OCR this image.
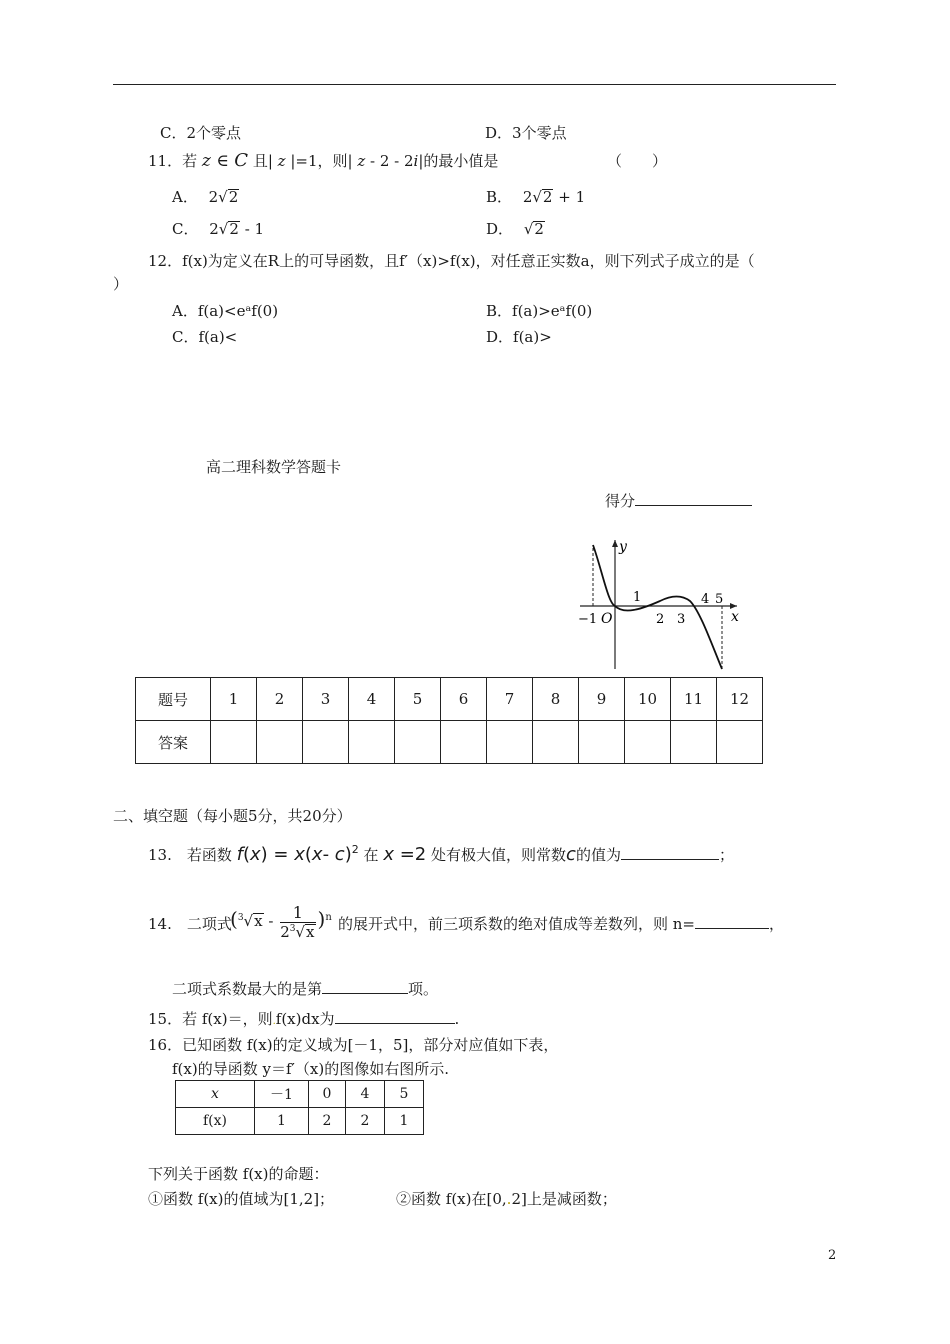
C．2个零点	D．3个零点
11．若 z ∈ C 且| z |=1，则| z - 2 - 2i|的最小值是	（　　）
A． 2√2	B． 2√2 + 1
C． 2√2 - 1	D． √2
12．f(x)为定义在R上的可导函数，且f′（x)>f(x)，对任意正实数a，则下列式子成立的是（
）
A．f(a)<eᵃf(0)	B．f(a)>eᵃf(0)
C．f(a)<	D．f(a)>
高二理科数学答题卡
得分
y
x
O
−1
1
2 3
4 5
题号	1	2	3	4	5	6	7	8	9	10	11	12
答案												
二、填空题（每小题5分，共20分）
13.　若函数 f(x) = x(x- c)$^2$ 在 x =2 处有极大值，则常数c的值为	；
14.　二项式
$(^3√x - \frac{1}{2^3√x} )^n$ 的展开式中，前三项系数的绝对值成等差数列，则 n=	，
二项式系数最大的是第	项。
15．若 f(x)＝，则.f(x)dx为	.
16．已知函数 f(x)的定义域为[－1，5]，部分对应值如下表，
f(x)的导函数 y＝f′（x)的图像如右图所示.
x	－1	0	4	5
f(x)	1	2	2	1
下列关于函数 f(x)的命题：
①函数 f(x)的值域为[1,2]；	②函数 f(x)在[0,.2]上是减函数；
2
